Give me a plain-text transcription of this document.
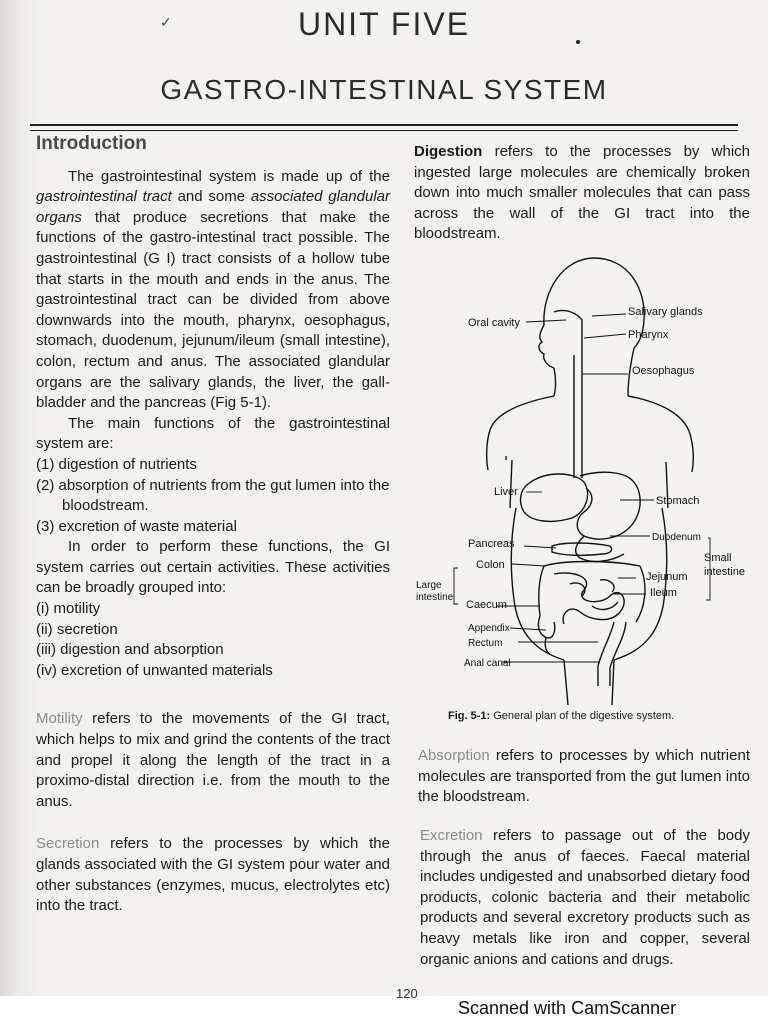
✓	UNIT FIVE
GASTRO-INTESTINAL SYSTEM
Introduction

The gastrointestinal system is made up of the gastrointestinal tract and some associated glandular organs that produce secretions that make the functions of the gastro-intestinal tract possible. The gastrointestinal (G I) tract consists of a hollow tube that starts in the mouth and ends in the anus. The gastrointestinal tract can be divided from above downwards into the mouth, pharynx, oesophagus, stomach, duodenum, jejunum/ileum (small intestine), colon, rectum and anus. The associated glandular organs are the salivary glands, the liver, the gall-bladder and the pancreas (Fig 5-1).

The main functions of the gastrointestinal system are:

(1) digestion of nutrients
(2) absorption of nutrients from the gut lumen into the bloodstream.
(3) excretion of waste material

In order to perform these functions, the GI system carries out certain activities. These activities can be broadly grouped into:

(i) motility
(ii) secretion
(iii) digestion and absorption
(iv) excretion of unwanted materials

Motility refers to the movements of the GI tract, which helps to mix and grind the contents of the tract and propel it along the length of the tract in a proximo-distal direction i.e. from the mouth to the anus.

Secretion refers to the processes by which the glands associated with the GI system pour water and other substances (enzymes, mucus, electrolytes etc) into the tract.

Digestion refers to the processes by which ingested large molecules are chemically broken down into much smaller molecules that can pass across the wall of the GI tract into the bloodstream.

Oral cavity
Salivary glands
Pharynx
Oesophagus
Liver
Stomach
Pancreas
Duodenum
Small
intestine
Colon
Jejunum
Ileum
Large
intestine
Caecum
Appendix
Rectum
Anal canal
Fig. 5-1: General plan of the digestive system.

Absorption refers to processes by which nutrient molecules are transported from the gut lumen into the bloodstream.

Excretion refers to passage out of the body through the anus of faeces. Faecal material includes undigested and unabsorbed dietary food products, colonic bacteria and their metabolic products and several excretory products such as heavy metals like iron and copper, several organic anions and cations and drugs.

120
Scanned with CamScanner
